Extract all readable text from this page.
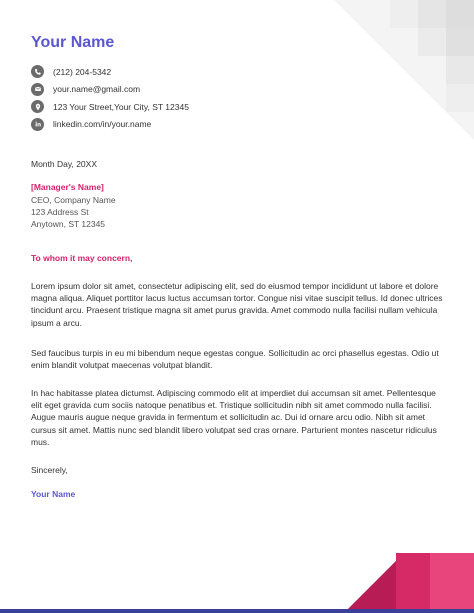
Your Name
(212) 204-5342
your.name@gmail.com
123 Your Street,Your City, ST 12345
linkedin.com/in/your.name
Month Day, 20XX
[Manager's Name]
CEO, Company Name
123 Address St
Anytown, ST 12345
To whom it may concern,
Lorem ipsum dolor sit amet, consectetur adipiscing elit, sed do eiusmod tempor incididunt ut labore et dolore magna aliqua. Aliquet porttitor lacus luctus accumsan tortor. Congue nisi vitae suscipit tellus. Id donec ultrices tincidunt arcu. Praesent tristique magna sit amet purus gravida. Amet commodo nulla facilisi nullam vehicula ipsum a arcu.
Sed faucibus turpis in eu mi bibendum neque egestas congue. Sollicitudin ac orci phasellus egestas. Odio ut enim blandit volutpat maecenas volutpat blandit.
In hac habitasse platea dictumst. Adipiscing commodo elit at imperdiet dui accumsan sit amet. Pellentesque elit eget gravida cum sociis natoque penatibus et. Tristique sollicitudin nibh sit amet commodo nulla facilisi. Augue mauris augue neque gravida in fermentum et sollicitudin ac. Dui id ornare arcu odio. Nibh sit amet cursus sit amet. Mattis nunc sed blandit libero volutpat sed cras ornare. Parturient montes nascetur ridiculus mus.
Sincerely,
Your Name
